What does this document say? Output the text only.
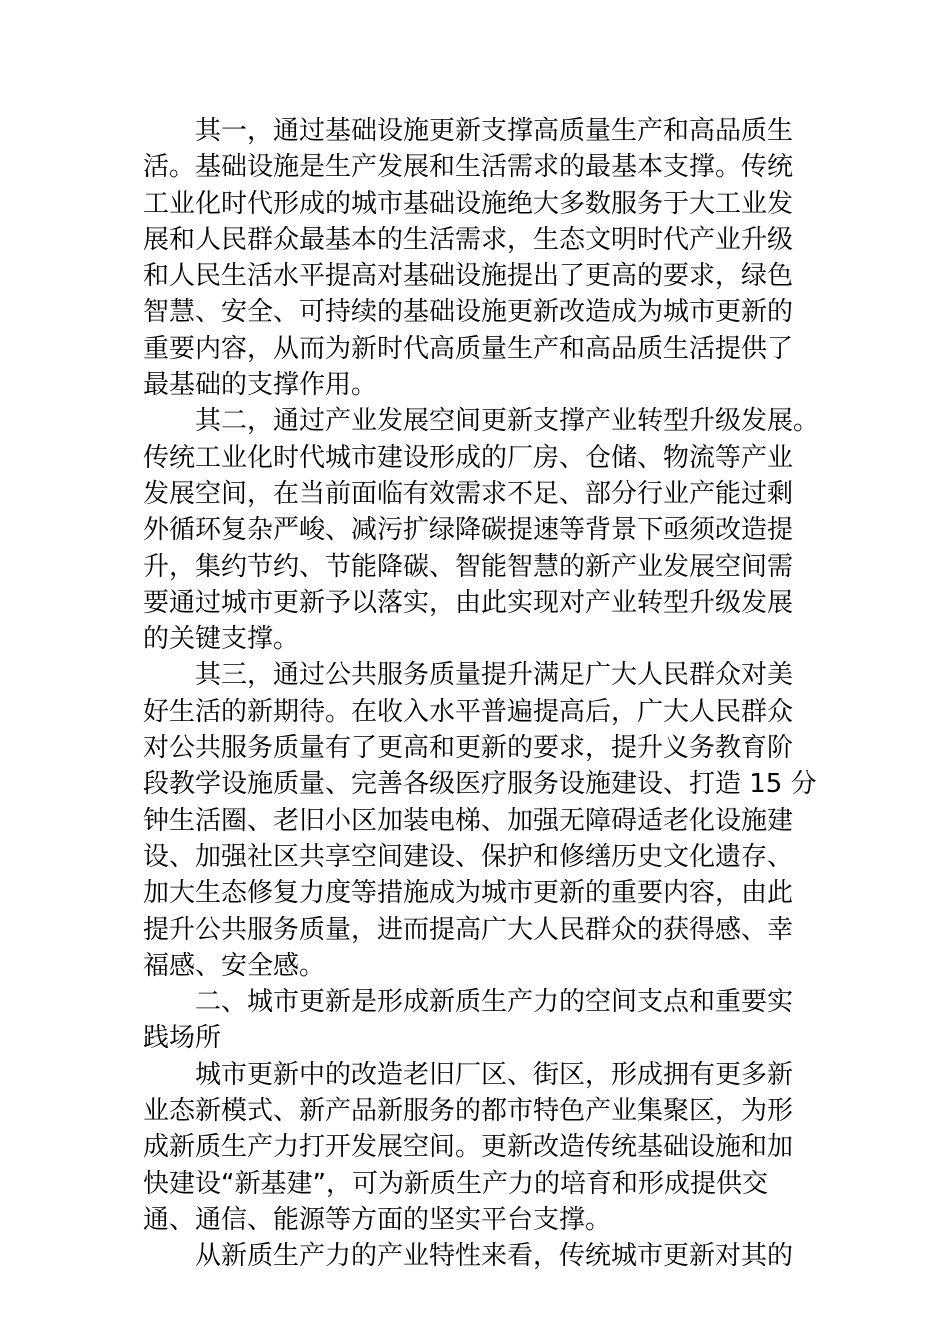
其一，通过基础设施更新支撑高质量生产和高品质生
活。基础设施是生产发展和生活需求的最基本支撑。传统
工业化时代形成的城市基础设施绝大多数服务于大工业发
展和人民群众最基本的生活需求，生态文明时代产业升级
和人民生活水平提高对基础设施提出了更高的要求，绿色
智慧、安全、可持续的基础设施更新改造成为城市更新的
重要内容，从而为新时代高质量生产和高品质生活提供了
最基础的支撑作用。
其二，通过产业发展空间更新支撑产业转型升级发展。
传统工业化时代城市建设形成的厂房、仓储、物流等产业
发展空间，在当前面临有效需求不足、部分行业产能过剩
外循环复杂严峻、减污扩绿降碳提速等背景下亟须改造提
升，集约节约、节能降碳、智能智慧的新产业发展空间需
要通过城市更新予以落实，由此实现对产业转型升级发展
的关键支撑。
其三，通过公共服务质量提升满足广大人民群众对美
好生活的新期待。在收入水平普遍提高后，广大人民群众
对公共服务质量有了更高和更新的要求，提升义务教育阶
段教学设施质量、完善各级医疗服务设施建设、打造 15 分
钟生活圈、老旧小区加装电梯、加强无障碍适老化设施建
设、加强社区共享空间建设、保护和修缮历史文化遗存、
加大生态修复力度等措施成为城市更新的重要内容，由此
提升公共服务质量，进而提高广大人民群众的获得感、幸
福感、安全感。
二、城市更新是形成新质生产力的空间支点和重要实
践场所
城市更新中的改造老旧厂区、街区，形成拥有更多新
业态新模式、新产品新服务的都市特色产业集聚区，为形
成新质生产力打开发展空间。更新改造传统基础设施和加
快建设“新基建”，可为新质生产力的培育和形成提供交
通、通信、能源等方面的坚实平台支撑。
从新质生产力的产业特性来看，传统城市更新对其的
